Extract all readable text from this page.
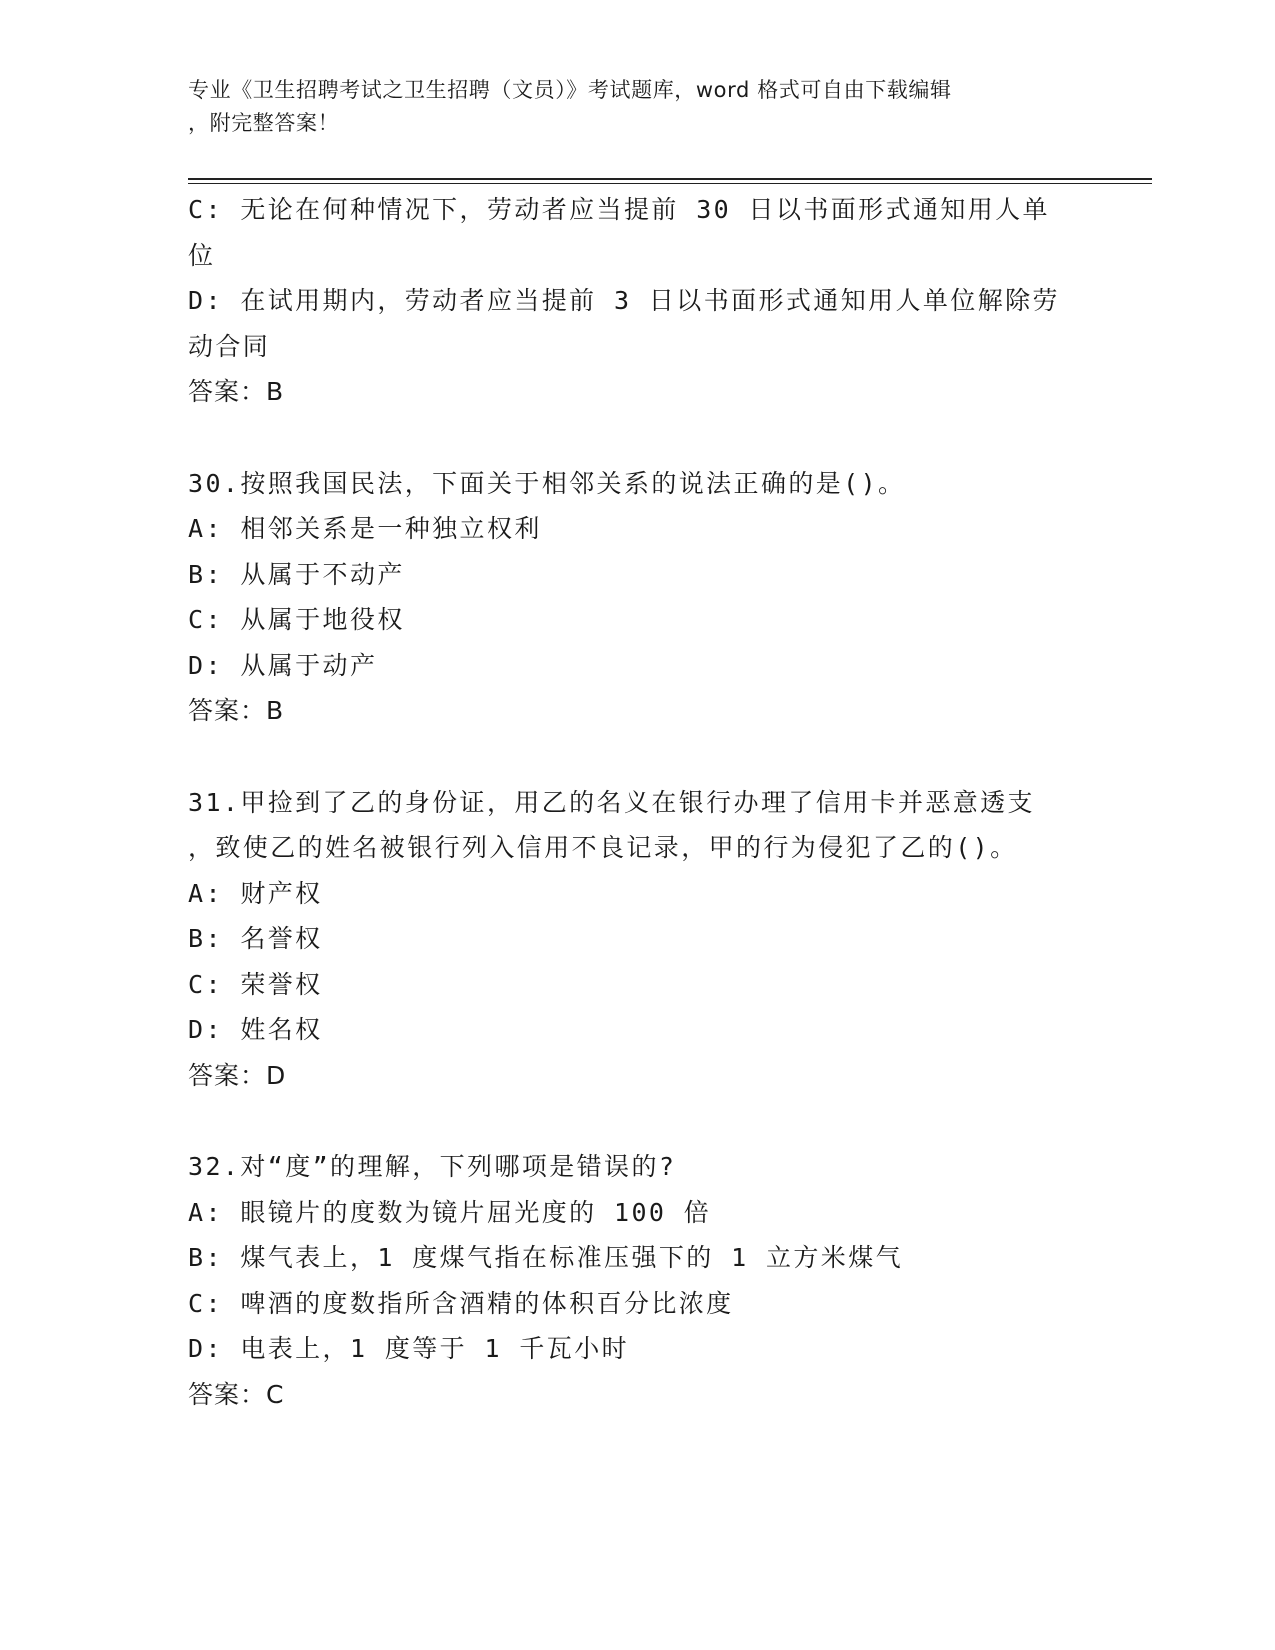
专业《卫生招聘考试之卫生招聘（文员）》考试题库，word 格式可自由下载编辑
，附完整答案！
C: 无论在何种情况下，劳动者应当提前 30 日以书面形式通知用人单
位
D: 在试用期内，劳动者应当提前 3 日以书面形式通知用人单位解除劳
动合同
答案：B
30.按照我国民法，下面关于相邻关系的说法正确的是()。
A: 相邻关系是一种独立权利
B: 从属于不动产
C: 从属于地役权
D: 从属于动产
答案：B
31.甲捡到了乙的身份证，用乙的名义在银行办理了信用卡并恶意透支
，致使乙的姓名被银行列入信用不良记录，甲的行为侵犯了乙的()。
A: 财产权
B: 名誉权
C: 荣誉权
D: 姓名权
答案：D
32.对“度”的理解，下列哪项是错误的?
A: 眼镜片的度数为镜片屈光度的 100 倍
B: 煤气表上，1 度煤气指在标准压强下的 1 立方米煤气
C: 啤酒的度数指所含酒精的体积百分比浓度
D: 电表上，1 度等于 1 千瓦小时
答案：C
